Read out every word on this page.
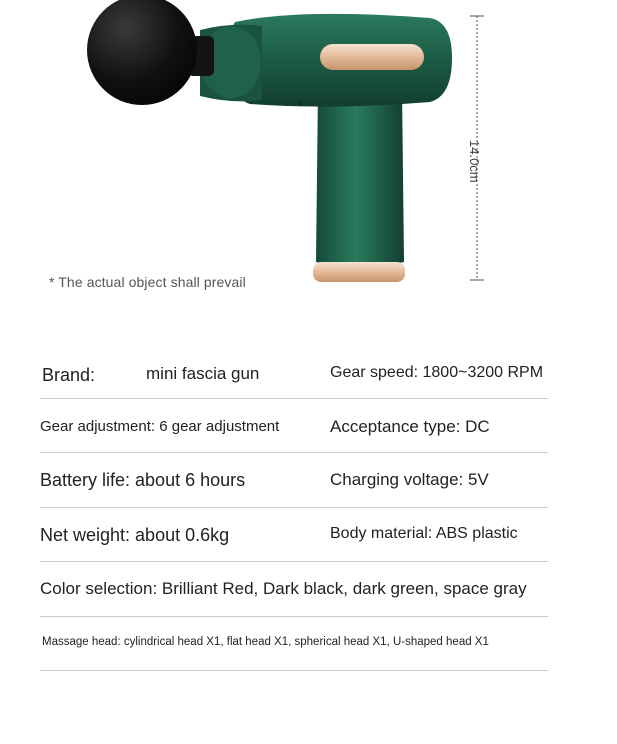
14.0cm
* The actual object shall prevail
Brand:	mini fascia gun	Gear speed: 1800~3200 RPM
Gear adjustment: 6 gear adjustment	Acceptance type: DC
Battery life: about 6 hours	Charging voltage: 5V
Net weight: about 0.6kg	Body material: ABS plastic
Color selection: Brilliant Red, Dark black, dark green, space gray
Massage head: cylindrical head X1, flat head X1, spherical head X1, U-shaped head X1
